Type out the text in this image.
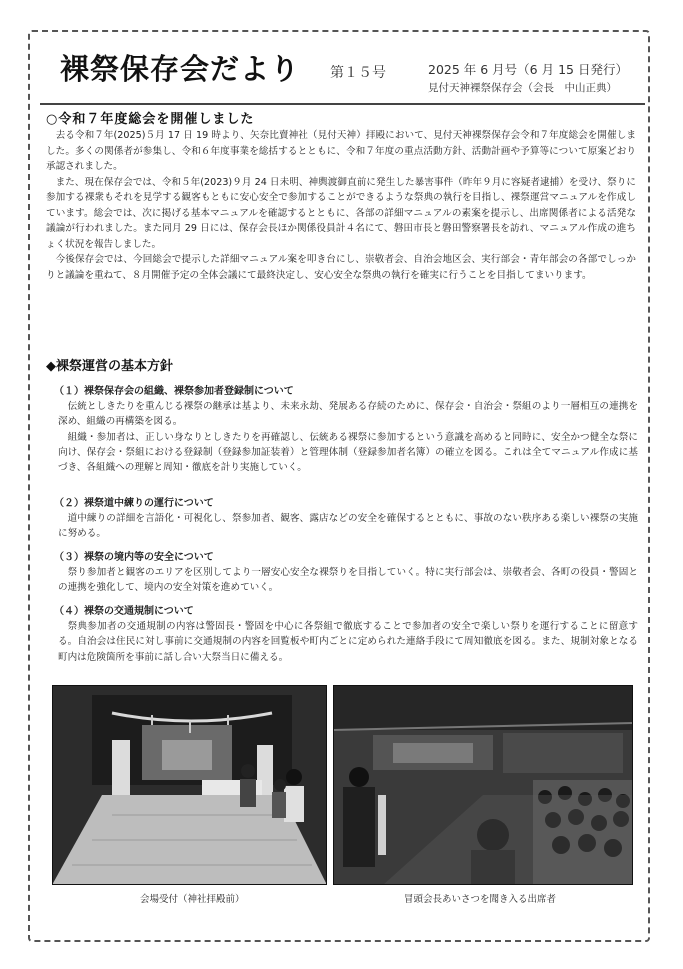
裸祭保存会だより 第１５号	2025 年 6 月号（6 月 15 日発行）
見付天神裸祭保存会（会長　中山正典）
○令和７年度総会を開催しました

去る令和７年(2025)５月 17 日 19 時より、矢奈比賣神社（見付天神）拝殿において、見付天神裸祭保存会令和７年度総会を開催しました。多くの関係者が参集し、令和６年度事業を総括するとともに、令和７年度の重点活動方針、活動計画や予算等について原案どおり承認されました。

また、現在保存会では、令和５年(2023)９月 24 日未明、神輿渡御直前に発生した暴害事件（昨年９月に容疑者逮捕）を受け、祭りに参加する裸衆もそれを見学する観客もともに安心安全で参加することができるような祭典の執行を目指し、裸祭運営マニュアルを作成しています。総会では、次に掲げる基本マニュアルを確認するとともに、各部の詳細マニュアルの素案を提示し、出席関係者による活発な議論が行われました。また同月 29 日には、保存会長ほか関係役員計４名にて、磐田市長と磐田警察署長を訪れ、マニュアル作成の進ちょく状況を報告しました。

今後保存会では、今回総会で提示した詳細マニュアル案を叩き台にし、崇敬者会、自治会地区会、実行部会・青年部会の各部でしっかりと議論を重ねて、８月開催予定の全体会議にて最終決定し、安心安全な祭典の執行を確実に行うことを目指してまいります。

◆裸祭運営の基本方針
（１）裸祭保存会の組織、裸祭参加者登録制について

伝統としきたりを重んじる裸祭の継承は基より、未来永劫、発展ある存続のために、保存会・自治会・祭組のより一層相互の連携を深め、組織の再構築を図る。

組織・参加者は、正しい身なりとしきたりを再確認し、伝統ある裸祭に参加するという意識を高めると同時に、安全かつ健全な祭に向け、保存会・祭組における登録制（登録参加証装着）と管理体制（登録参加者名簿）の確立を図る。これは全てマニュアル作成に基づき、各組織への理解と周知・徹底を計り実施していく。

（２）裸祭道中練りの運行について

道中練りの詳細を言語化・可視化し、祭参加者、観客、露店などの安全を確保するとともに、事故のない秩序ある楽しい裸祭の実施に努める。

（３）裸祭の境内等の安全について

祭り参加者と観客のエリアを区別してより一層安心安全な裸祭りを目指していく。特に実行部会は、崇敬者会、各町の役員・警固との連携を強化して、境内の安全対策を進めていく。

（４）裸祭の交通規制について

祭典参加者の交通規制の内容は警固長・警固を中心に各祭組で徹底することで参加者の安全で楽しい祭りを運行することに留意する。自治会は住民に対し事前に交通規制の内容を回覧板や町内ごとに定められた連絡手段にて周知徹底を図る。また、規制対象となる町内は危険箇所を事前に話し合い大祭当日に備える。

会場受付（神社拝殿前）	冒頭会長あいさつを聞き入る出席者
